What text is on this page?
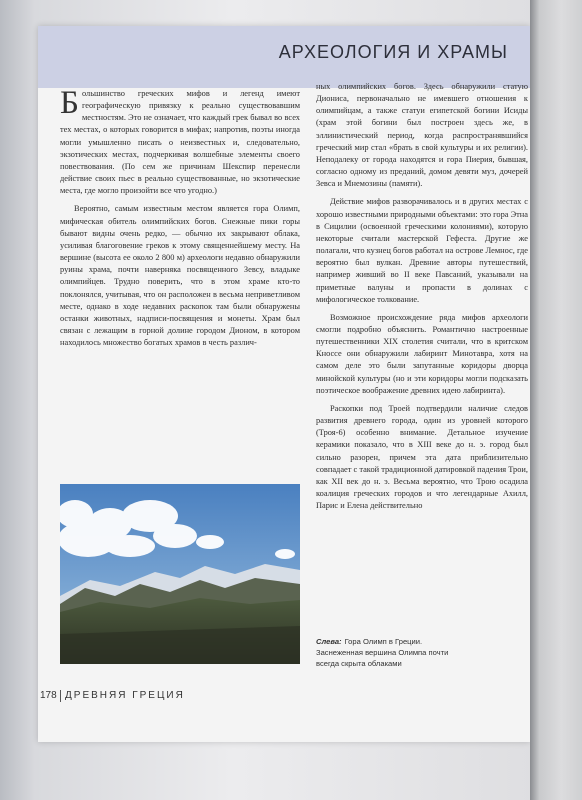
АРХЕОЛОГИЯ И ХРАМЫ

Большинство греческих мифов и легенд имеют географическую привязку к реально существовавшим местностям. Это не означает, что каждый грек бывал во всех тех местах, о которых говорится в мифах; напротив, поэты иногда могли умышленно писать о неизвестных и, следовательно, экзотических местах, подчеркивая волшебные элементы своего повествования. (По сем же причинам Шекспир перенесли действие своих пьес в реально существованные, но экзотические места, где могло произойти все что угодно.)

Вероятно, самым известным местом является гора Олимп, мифическая обитель олимпийских богов. Снежные пики горы бывают видны очень редко, — обычно их закрывают облака, усиливая благоговение греков к этому священнейшему месту. На вершине (высота ее около 2 800 м) археологи недавно обнаружили руины храма, почти наверняка посвященного Зевсу, владыке олимпийцев. Трудно поверить, что в этом храме кто-то поклонялся, учитывая, что он расположен в весьма неприветливом месте, однако в ходе недавних раскопок там были обнаружены останки животных, надписи-посвящения и монеты. Храм был связан с лежащим в горной долине городом Дионом, в котором находилось множество богатых храмов в честь различ-

ных олимпийских богов. Здесь обнаружили статую Диониса, первоначально не имевшего отношения к олимпийцам, а также статуи египетской богини Исиды (храм этой богини был построен здесь же, в эллинистический период, когда распространявшийся греческий мир стал «брать в свой культуры и их религии). Неподалеку от города находятся и гора Пиерия, бывшая, согласно одному из преданий, домом девяти муз, дочерей Зевса и Мнемозины (памяти).

Действие мифов разворачивалось и в других местах с хорошо известными природными объектами: это гора Этна в Сицилии (освоенной греческими колониями), которую некоторые считали мастерской Гефеста. Другие же полагали, что кузнец богов работал на острове Лемнос, где вероятно был вулкан. Древние авторы путешествий, например живший во II веке Павсаний, указывали на приметные валуны и пропасти в долинах с мифологическое толкование.

Возможное происхождение ряда мифов археологи смогли подробно объяснить. Романтично настроенные путешественники XIX столетия считали, что в критском Кноссе они обнаружили лабиринт Минотавра, хотя на самом деле это были запутанные коридоры дворца минойской культуры (но и эти коридоры могли подсказать поэтическое воображение древних идею лабиринта).

Раскопки под Троей подтвердили наличие следов развития древнего города, один из уровней которого (Троя-6) особенно внимание. Детальное изучение керамики показало, что в XIII веке до н. э. город был сильно разорен, причем эта дата приблизительно совпадает с такой традиционной датировкой падения Трои, как XII век до н. э. Весьма вероятно, что Трою осадила коалиция греческих городов и что легендарные Ахилл, Парис и Елена действительно

Слева: Гора Олимп в Греции. Заснеженная вершина Олимпа почти всегда скрыта облаками
178 ДРЕВНЯЯ ГРЕЦИЯ
